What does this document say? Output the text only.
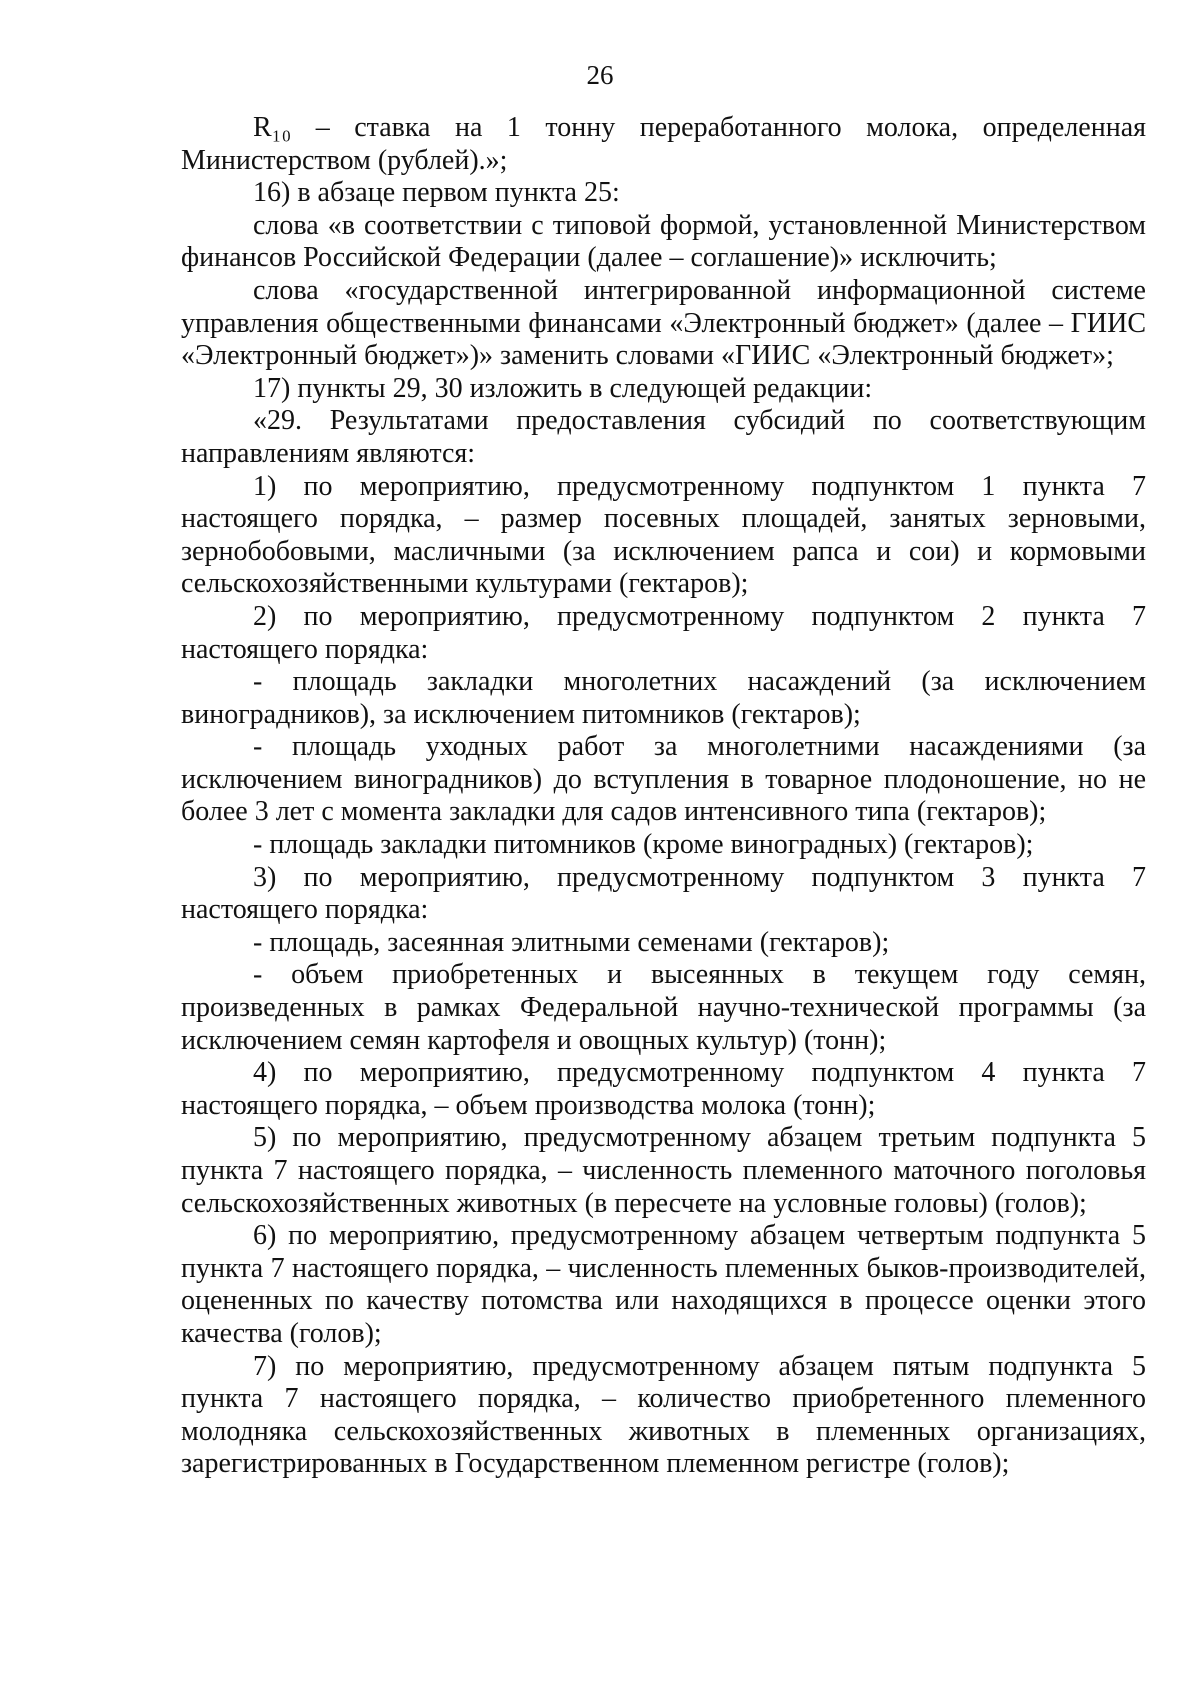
26

R₁₀ – ставка на 1 тонну переработанного молока, определенная Министерством (рублей).»;

16) в абзаце первом пункта 25:

слова «в соответствии с типовой формой, установленной Министерством финансов Российской Федерации (далее – соглашение)» исключить;

слова «государственной интегрированной информационной системе управления общественными финансами «Электронный бюджет» (далее – ГИИС «Электронный бюджет»)» заменить словами «ГИИС «Электронный бюджет»;

17) пункты 29, 30 изложить в следующей редакции:

«29. Результатами предоставления субсидий по соответствующим направлениям являются:

1) по мероприятию, предусмотренному подпунктом 1 пункта 7 настоящего порядка, – размер посевных площадей, занятых зерновыми, зернобобовыми, масличными (за исключением рапса и сои) и кормовыми сельскохозяйственными культурами (гектаров);

2) по мероприятию, предусмотренному подпунктом 2 пункта 7 настоящего порядка:

- площадь закладки многолетних насаждений (за исключением виноградников), за исключением питомников (гектаров);

- площадь уходных работ за многолетними насаждениями (за исключением виноградников) до вступления в товарное плодоношение, но не более 3 лет с момента закладки для садов интенсивного типа (гектаров);

- площадь закладки питомников (кроме виноградных) (гектаров);

3) по мероприятию, предусмотренному подпунктом 3 пункта 7 настоящего порядка:

- площадь, засеянная элитными семенами (гектаров);

- объем приобретенных и высеянных в текущем году семян, произведенных в рамках Федеральной научно-технической программы (за исключением семян картофеля и овощных культур) (тонн);

4) по мероприятию, предусмотренному подпунктом 4 пункта 7 настоящего порядка, – объем производства молока (тонн);

5) по мероприятию, предусмотренному абзацем третьим подпункта 5 пункта 7 настоящего порядка, – численность племенного маточного поголовья сельскохозяйственных животных (в пересчете на условные головы) (голов);

6) по мероприятию, предусмотренному абзацем четвертым подпункта 5 пункта 7 настоящего порядка, – численность племенных быков-производителей, оцененных по качеству потомства или находящихся в процессе оценки этого качества (голов);

7) по мероприятию, предусмотренному абзацем пятым подпункта 5 пункта 7 настоящего порядка, – количество приобретенного племенного молодняка сельскохозяйственных животных в племенных организациях, зарегистрированных в Государственном племенном регистре (голов);
